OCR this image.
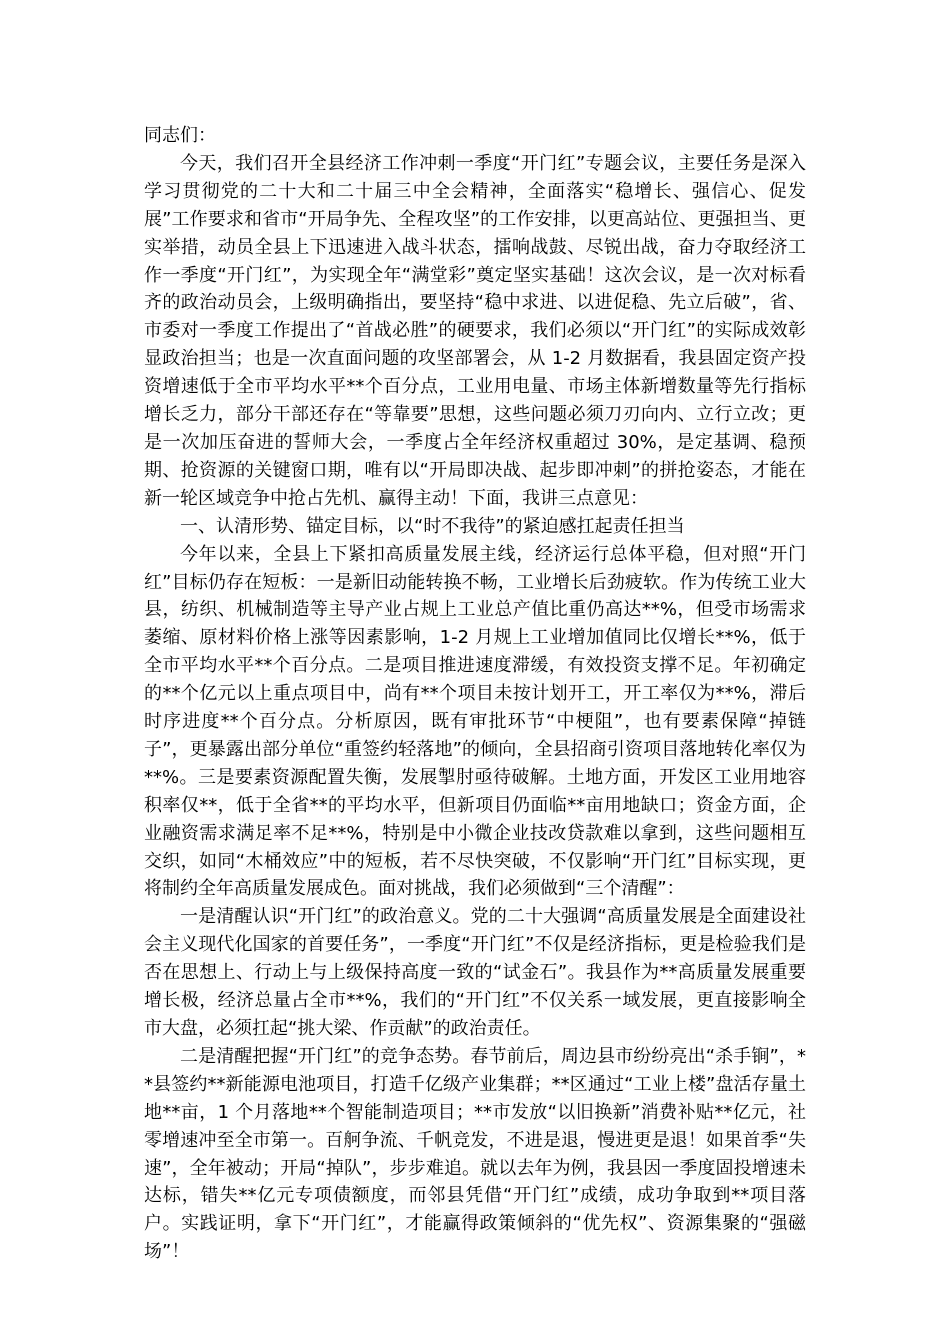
同志们：

今天，我们召开全县经济工作冲刺一季度“开门红”专题会议，主要任务是深入学习贯彻党的二十大和二十届三中全会精神，全面落实“稳增长、强信心、促发展”工作要求和省市“开局争先、全程攻坚”的工作安排，以更高站位、更强担当、更实举措，动员全县上下迅速进入战斗状态，擂响战鼓、尽锐出战，奋力夺取经济工作一季度“开门红”，为实现全年“满堂彩”奠定坚实基础！这次会议，是一次对标看齐的政治动员会，上级明确指出，要坚持“稳中求进、以进促稳、先立后破”，省、市委对一季度工作提出了“首战必胜”的硬要求，我们必须以“开门红”的实际成效彰显政治担当；也是一次直面问题的攻坚部署会，从 1-2 月数据看，我县固定资产投资增速低于全市平均水平**个百分点，工业用电量、市场主体新增数量等先行指标增长乏力，部分干部还存在“等靠要”思想，这些问题必须刀刃向内、立行立改；更是一次加压奋进的誓师大会，一季度占全年经济权重超过 30%，是定基调、稳预期、抢资源的关键窗口期，唯有以“开局即决战、起步即冲刺”的拼抢姿态，才能在新一轮区域竞争中抢占先机、赢得主动！下面，我讲三点意见：

一、认清形势、锚定目标，以“时不我待”的紧迫感扛起责任担当

今年以来，全县上下紧扣高质量发展主线，经济运行总体平稳，但对照“开门红”目标仍存在短板：一是新旧动能转换不畅，工业增长后劲疲软。作为传统工业大县，纺织、机械制造等主导产业占规上工业总产值比重仍高达**%，但受市场需求萎缩、原材料价格上涨等因素影响，1-2 月规上工业增加值同比仅增长**%，低于全市平均水平**个百分点。二是项目推进速度滞缓，有效投资支撑不足。年初确定的**个亿元以上重点项目中，尚有**个项目未按计划开工，开工率仅为**%，滞后时序进度**个百分点。分析原因，既有审批环节“中梗阻”，也有要素保障“掉链子”，更暴露出部分单位“重签约轻落地”的倾向，全县招商引资项目落地转化率仅为**%。三是要素资源配置失衡，发展掣肘亟待破解。土地方面，开发区工业用地容积率仅**，低于全省**的平均水平，但新项目仍面临**亩用地缺口；资金方面，企业融资需求满足率不足**%，特别是中小微企业技改贷款难以拿到，这些问题相互交织，如同“木桶效应”中的短板，若不尽快突破，不仅影响“开门红”目标实现，更将制约全年高质量发展成色。面对挑战，我们必须做到“三个清醒”：

一是清醒认识“开门红”的政治意义。党的二十大强调“高质量发展是全面建设社会主义现代化国家的首要任务”，一季度“开门红”不仅是经济指标，更是检验我们是否在思想上、行动上与上级保持高度一致的“试金石”。我县作为**高质量发展重要增长极，经济总量占全市**%，我们的“开门红”不仅关系一域发展，更直接影响全市大盘，必须扛起“挑大梁、作贡献”的政治责任。

二是清醒把握“开门红”的竞争态势。春节前后，周边县市纷纷亮出“杀手锏”，**县签约**新能源电池项目，打造千亿级产业集群；**区通过“工业上楼”盘活存量土地**亩，1 个月落地**个智能制造项目；**市发放“以旧换新”消费补贴**亿元，社零增速冲至全市第一。百舸争流、千帆竞发，不进是退，慢进更是退！如果首季“失速”，全年被动；开局“掉队”，步步难追。就以去年为例，我县因一季度固投增速未达标，错失**亿元专项债额度，而邻县凭借“开门红”成绩，成功争取到**项目落户。实践证明，拿下“开门红”，才能赢得政策倾斜的“优先权”、资源集聚的“强磁场”！
